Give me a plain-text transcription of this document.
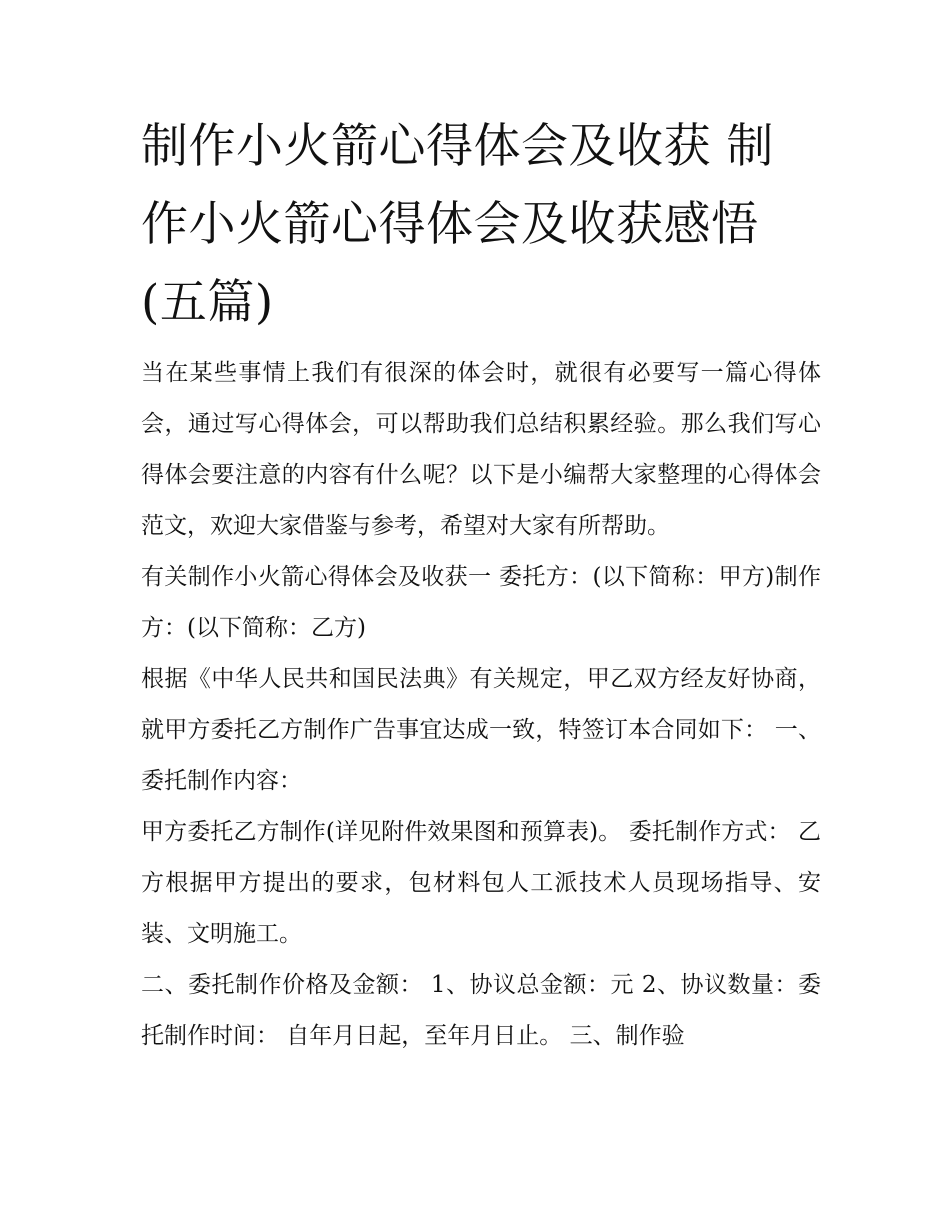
制作小火箭心得体会及收获 制作小火箭心得体会及收获感悟(五篇)

当在某些事情上我们有很深的体会时，就很有必要写一篇心得体会，通过写心得体会，可以帮助我们总结积累经验。那么我们写心得体会要注意的内容有什么呢？以下是小编帮大家整理的心得体会范文，欢迎大家借鉴与参考，希望对大家有所帮助。

有关制作小火箭心得体会及收获一 委托方：(以下简称：甲方)制作方：(以下简称：乙方)

根据《中华人民共和国民法典》有关规定，甲乙双方经友好协商，就甲方委托乙方制作广告事宜达成一致，特签订本合同如下： 一、委托制作内容：

甲方委托乙方制作(详见附件效果图和预算表)。 委托制作方式： 乙方根据甲方提出的要求，包材料包人工派技术人员现场指导、安装、文明施工。

二、委托制作价格及金额： 1、协议总金额：元 2、协议数量：委托制作时间： 自年月日起，至年月日止。 三、制作验
